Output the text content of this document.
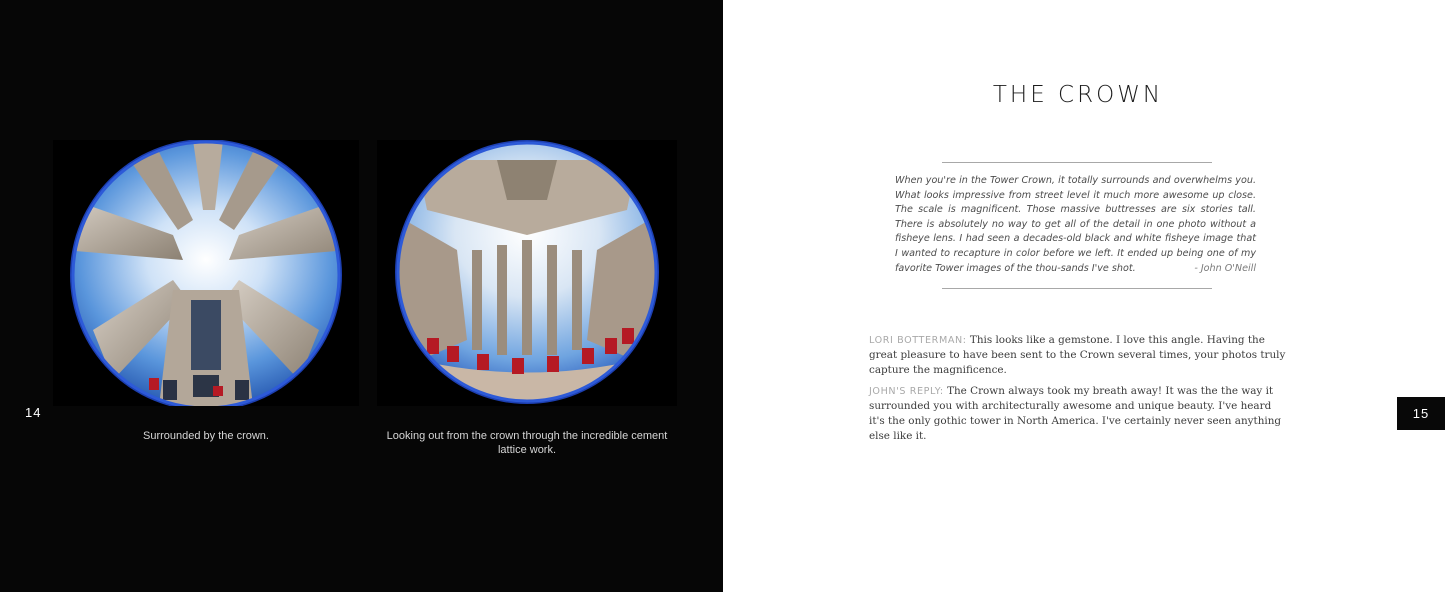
14
Surrounded by the crown.	Looking out from the crown through the incredible cement lattice work.
THE CROWN
When you're in the Tower Crown, it totally surrounds and overwhelms you. What looks impressive from street level it much more awesome up close. The scale is magnificent. Those massive buttresses are six stories tall. There is absolutely no way to get all of the detail in one photo without a fisheye lens. I had seen a decades-old black and white fisheye image that I wanted to recapture in color before we left. It ended up being one of my favorite Tower images of the thou-sands I've shot.	- John O'Neill
LORI BOTTERMAN: This looks like a gemstone. I love this angle. Having the great pleasure to have been sent to the Crown several times, your photos truly capture the magnificence.
JOHN'S REPLY: The Crown always took my breath away! It was the the way it surrounded you with architecturally awesome and unique beauty. I've heard it's the only gothic tower in North America. I've certainly never seen anything else like it.
15
